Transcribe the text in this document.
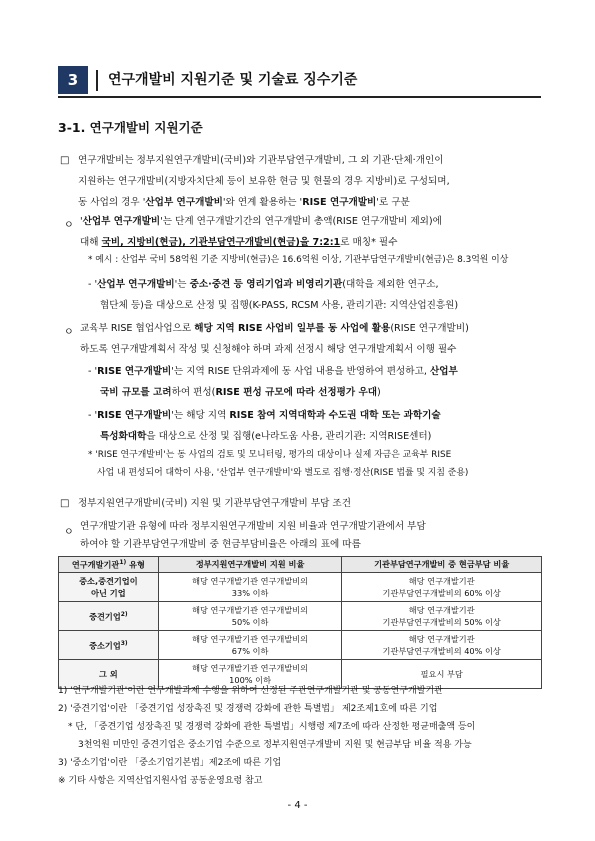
3	연구개발비 지원기준 및 기술료 징수기준
3-1. 연구개발비 지원기준
□ 연구개발비는 정부지원연구개발비(국비)와 기관부담연구개발비, 그 외 기관·단체·개인이
지원하는 연구개발비(지방자치단체 등이 보유한 현금 및 현물의 경우 지방비)로 구성되며,
동 사업의 경우 '산업부 연구개발비'와 연계 활용하는 'RISE 연구개발비'로 구분
ㅇ '산업부 연구개발비'는 단계 연구개발기간의 연구개발비 총액(RISE 연구개발비 제외)에
대해 국비, 지방비(현금), 기관부담연구개발비(현금)을 7:2:1로 매칭* 필수
* 예시 : 산업부 국비 58억원 기준 지방비(현금)은 16.6억원 이상, 기관부담연구개발비(현금)은 8.3억원 이상
- '산업부 연구개발비'는 중소·중견 등 영리기업과 비영리기관(대학을 제외한 연구소,
협단체 등)을 대상으로 산정 및 집행(K-PASS, RCSM 사용, 관리기관: 지역산업진흥원)
ㅇ 교육부 RISE 협업사업으로 해당 지역 RISE 사업비 일부를 동 사업에 활용(RISE 연구개발비)
하도록 연구개발계획서 작성 및 신청해야 하며 과제 선정시 해당 연구개발계획서 이행 필수
- 'RISE 연구개발비'는 지역 RISE 단위과제에 동 사업 내용을 반영하여 편성하고, 산업부
국비 규모를 고려하여 편성(RISE 편성 규모에 따라 선정평가 우대)
- 'RISE 연구개발비'는 해당 지역 RISE 참여 지역대학과 수도권 대학 또는 과학기술
특성화대학을 대상으로 산정 및 집행(e나라도움 사용, 관리기관: 지역RISE센터)
* 'RISE 연구개발비'는 동 사업의 검토 및 모니터링, 평가의 대상이나 실제 자금은 교육부 RISE
사업 내 편성되어 대학이 사용, '산업부 연구개발비'와 별도로 집행·정산(RISE 법률 및 지침 준용)
□ 정부지원연구개발비(국비) 지원 및 기관부담연구개발비 부담 조건
ㅇ
연구개발기관 유형에 따라 정부지원연구개발비 지원 비율과 연구개발기관에서 부담
하여야 할 기관부담연구개발비 중 현금부담비율은 아래의 표에 따름
연구개발기관$^{1)}$ 유형	정부지원연구개발비 지원 비율	기관부담연구개발비 중 현금부담 비율

중소,중견기업이
아닌 기업	해당 연구개발기관 연구개발비의
33% 이하	해당 연구개발기관
기관부담연구개발비의 60% 이상

중견기업$^{2)}$	해당 연구개발기관 연구개발비의
50% 이하	해당 연구개발기관
기관부담연구개발비의 50% 이상

중소기업$^{3)}$	해당 연구개발기관 연구개발비의
67% 이하	해당 연구개발기관
기관부담연구개발비의 40% 이상

그 외	해당 연구개발기관 연구개발비의
100% 이하	필요시 부담
1) '연구개발기관'이란 연구개발과제 수행을 위하여 선정된 주관연구개발기관 및 공동연구개발기관
2) '중견기업'이란 「중견기업 성장촉진 및 경쟁력 강화에 관한 특별법」 제2조제1호에 따른 기업
* 단, 「중견기업 성장촉진 및 경쟁력 강화에 관한 특별법」시행령 제7조에 따라 산정한 평균매출액 등이
3천억원 미만인 중견기업은 중소기업 수준으로 정부지원연구개발비 지원 및 현금부담 비율 적용 가능
3) '중소기업'이란 「중소기업기본법」제2조에 따른 기업
※ 기타 사항은 지역산업지원사업 공동운영요령 참고
- 4 -
